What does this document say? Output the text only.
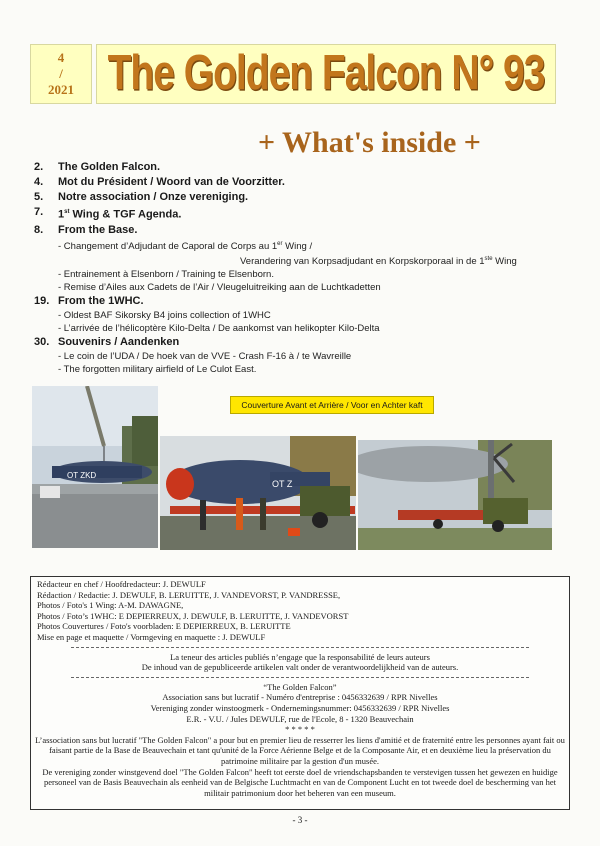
4
/
2021 The Golden Falcon N° 93
+ What's inside +
2.	The Golden Falcon.
4.	Mot du Président / Woord van de Voorzitter.
5.	Notre association / Onze vereniging.
7.	1st Wing & TGF Agenda.
8.	From the Base.
- Changement d’Adjudant de Caporal de Corps au 1er Wing /
Verandering van Korpsadjudant en Korpskorporaal in de 1ste Wing
- Entrainement à Elsenborn / Training te Elsenborn.
- Remise d’Ailes aux Cadets de l’Air / Vleugeluitreiking aan de Luchtkadetten
19. From the 1WHC.
- Oldest BAF Sikorsky B4 joins collection of 1WHC
- L’arrivée de l’hélicoptère Kilo-Delta / De aankomst van helikopter Kilo-Delta
30. Souvenirs / Aandenken
- Le coin de l’UDA / De hoek van de VVE - Crash F-16 à / te Wavreille
- The forgotten military airfield of Le Culot East.
Couverture Avant et Arrière / Voor en Achter kaft
OT ZKD
OT Z
Rédacteur en chef / Hoofdredacteur: J. DEWULF
Rédaction / Redactie: J. DEWULF, B. LERUITTE, J. VANDEVORST, P. VANDRESSE,
Photos / Foto's 1 Wing: A-M. DAWAGNE,
Photos / Foto’s 1WHC: E DEPIERREUX, J. DEWULF, B. LERUITTE, J. VANDEVORST
Photos Couvertures / Foto's voorbladen: E DEPIERREUX, B. LERUITTE
Mise en page et maquette / Vormgeving en maquette : J. DEWULF
La teneur des articles publiés n’engage que la responsabilité de leurs auteurs
De inhoud van de gepubliceerde artikelen valt onder de verantwoordelijkheid van de auteurs.
“The Golden Falcon”
Association sans but lucratif - Numéro d'entreprise : 0456332639 / RPR Nivelles
Vereniging zonder winstoogmerk - Ondernemingsnummer: 0456332639 / RPR Nivelles
E.R. - V.U. / Jules DEWULF, rue de l'Ecole, 8 - 1320 Beauvechain
* * * * *
L’association sans but lucratif "The Golden Falcon" a pour but en premier lieu de resserrer les liens d'amitié et de fraternité entre les personnes ayant fait ou faisant partie de la Base de Beauvechain et tant qu'unité de la Force Aérienne Belge et de la Composante Air, et en deuxième lieu la préservation du patrimoine militaire par la gestion d'un musée.
De vereniging zonder winstgevend doel "The Golden Falcon" heeft tot eerste doel de vriendschapsbanden te verstevigen tussen het gewezen en huidige personeel van de Basis Beauvechain als eenheid van de Belgische Luchtmacht en van de Component Lucht en tot tweede doel de bescherming van het militair patrimonium door het beheren van een museum.
- 3 -
